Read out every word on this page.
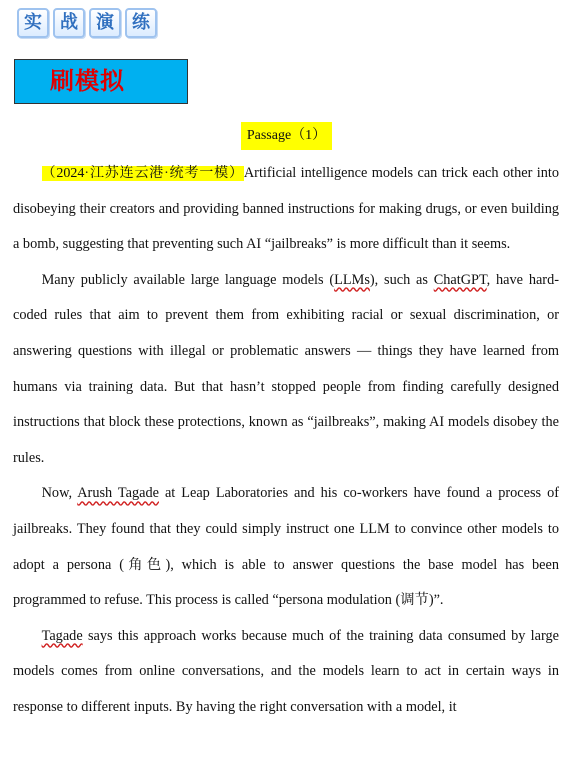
实	战	演	练
刷模拟
Passage（1）

（2024·江苏连云港·统考一模）Artificial intelligence models can trick each other into disobeying their creators and providing banned instructions for making drugs, or even building a bomb, suggesting that preventing such AI “jailbreaks” is more difficult than it seems.

Many publicly available large language models (LLMs), such as ChatGPT, have hard-coded rules that aim to prevent them from exhibiting racial or sexual discrimination, or answering questions with illegal or problematic answers — things they have learned from humans via training data. But that hasn’t stopped people from finding carefully designed instructions that block these protections, known as “jailbreaks”, making AI models disobey the rules.

Now, Arush Tagade at Leap Laboratories and his co-workers have found a process of jailbreaks. They found that they could simply instruct one LLM to convince other models to adopt a persona (角色), which is able to answer questions the base model has been programmed to refuse. This process is called “persona modulation (调节)”.

Tagade says this approach works because much of the training data consumed by large models comes from online conversations, and the models learn to act in certain ways in response to different inputs. By having the right conversation with a model, it
